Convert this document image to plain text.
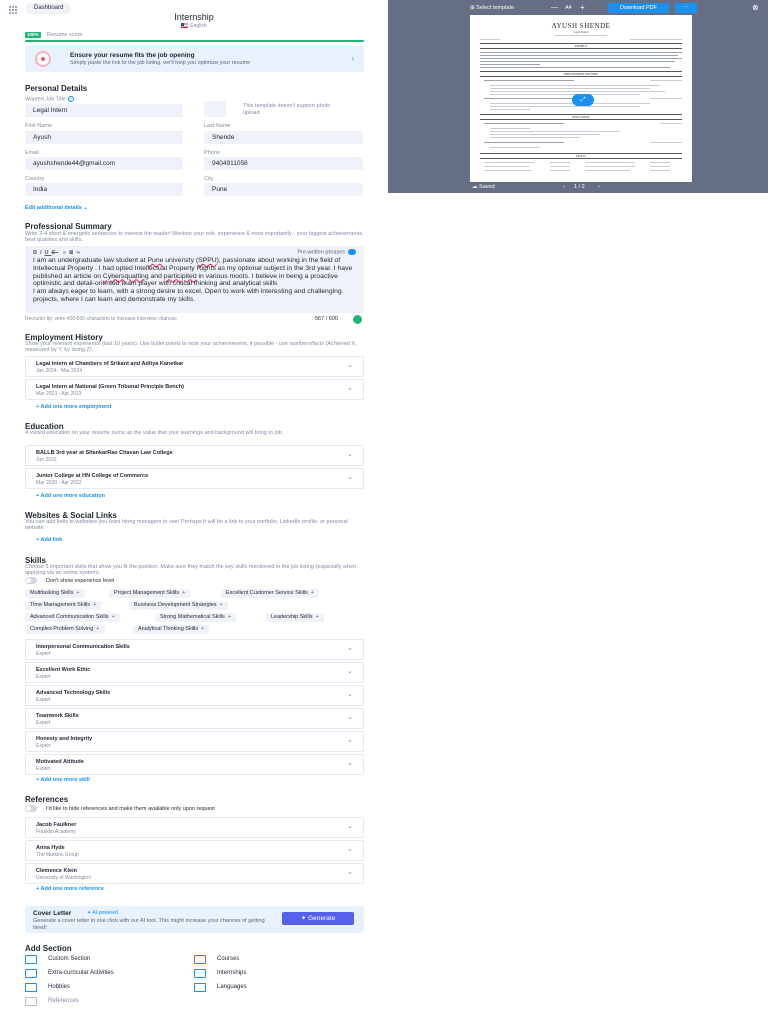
Dashboard
Internship
English
100%	Resume score
Ensure your resume fits the job opening
Simply paste the link to the job listing, we'll help you optimize your resume	›
Personal Details
Wanted Job Title ?
Legal Intern
This template doesn't support photo upload
First Name
Ayush
Last Name
Shende
Email
ayushshende44@gmail.com
Phone
9404911058
Country
India
City
Pune
Edit additional details ⌄
Professional Summary
Write 2-4 short & energetic sentences to interest the reader! Mention your role, experience & most importantly - your biggest achievements, best qualities and skills.
BIUS ≡≣∞	Pre-written phrases
I am an undergraduate law student at Pune university (SPPU), passionate about working in the field of Intellectual Property . I had opted Intellectual Property Rights as my optional subject in the 3rd year. I have published an article on Cybersquatting and participited in various moots. I believe in being a proactive optimistic and detail-oriented team player with critical thinking and analytical skills
I am always eager to learn, with a strong desire to excel. Open to work with interesting and challenging projects, where I can learn and demonstrate my skills.
Recruiter tip: write 400-600 characters to increase interview chances	567 / 600
Employment History
Show your relevant experience (last 10 years). Use bullet points to note your achievements, if possible - use numbers/facts (Achieved X, measured by Y, by doing Z).
Legal Intern at Chambers of Srikant and Aditya Kanetkar
Jan 2024 - Mar 2024
⌄
Legal Intern at National (Green Tribunal Principle Bench)
Mar 2023 - Apr 2023
⌄
+ Add one more employment
Education
A varied education on your resume sums up the value that your learnings and background will bring to job.
BALLB 3rd year at ShankarRao Chavan Law College
Jun 2022
⌄
Junior College at HN College of Commerce
Mar 2020 - Apr 2022
⌄
+ Add one more education
Websites & Social Links
You can add links to websites you want hiring managers to see! Perhaps It will be a link to your portfolio, LinkedIn profile, or personal website
+ Add link
Skills
Choose 5 important skills that show you fit the position. Make sure they match the key skills mentioned in the job listing (especially when applying via an online system).
Don't show experience level
Multitasking Skills +	Project Management Skills +	Excellent Customer Service Skills +
Time Management Skills +	Business Development Strategies +
Advanced Communication Skills +	Strong Mathematical Skills +	Leadership Skills +
Complex Problem Solving +	Analytical Thinking Skills +
Interpersonal Communication Skills
Expert
⌄
Excellent Work Ethic
Expert
⌄
Advanced Technology Skills
Expert
⌄
Teamwork Skills
Expert
⌄
Honesty and Integrity
Expert
⌄
Motivated Attitude
Expert
⌄
+ Add one more skill
References
I'd like to hide references and make them available only upon request
Jacob Faulkner
Franklin Academy
⌄
Anna Hyde
The Markins Group
⌄
Clemence Klein
University of Washington
⌄
+ Add one more reference
Cover Letter	✦ AI-powered
Generate a cover letter in one click with our AI tool. This might increase your chances of getting hired!
✦ Generate
Add Section
Custom Section	Courses
Extra-curricular Activities	Internships
Hobbies	Languages
References
⊞ Select template	— A4 +	Download PDF	···	⊗
AYUSH SHENDE
Legal Intern
PROFILE
EMPLOYMENT HISTORY
EDUCATION
SKILLS
⤢
☁ Saved	‹ 1 / 2 ›
